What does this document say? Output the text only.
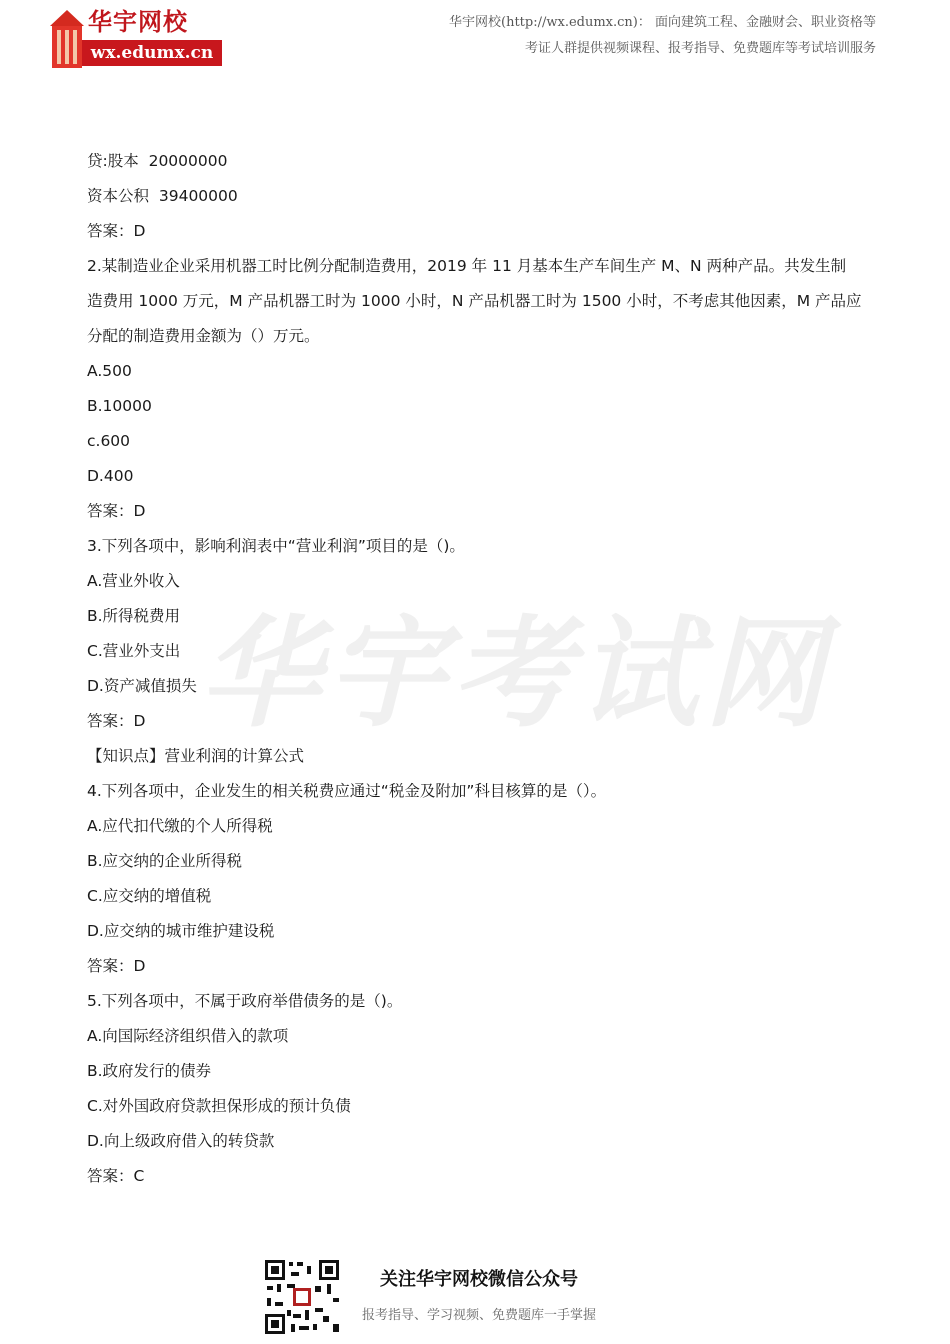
华宇网校
wx.edumx.cn
华宇网校(http://wx.edumx.cn)： 面向建筑工程、金融财会、职业资格等
考证人群提供视频课程、报考指导、免费题库等考试培训服务
华宇考试网

贷:股本  20000000

资本公积  39400000

答案：D

2.某制造业企业采用机器工时比例分配制造费用，2019 年 11 月基本生产车间生产 M、N 两种产品。共发生制

造费用 1000 万元，M 产品机器工时为 1000 小时，N 产品机器工时为 1500 小时，不考虑其他因素，M 产品应

分配的制造费用金额为（）万元。

A.500

B.10000

c.600

D.400

答案：D

3.下列各项中，影响利润表中“营业利润”项目的是（)。

A.营业外收入

B.所得税费用

C.营业外支出

D.资产减值损失

答案：D

【知识点】营业利润的计算公式

4.下列各项中，企业发生的相关税费应通过“税金及附加”科目核算的是（）。

A.应代扣代缴的个人所得税

B.应交纳的企业所得税

C.应交纳的增值税

D.应交纳的城市维护建设税

答案：D

5.下列各项中，不属于政府举借债务的是（)。

A.向国际经济组织借入的款项

B.政府发行的债券

C.对外国政府贷款担保形成的预计负债

D.向上级政府借入的转贷款

答案：C

关注华宇网校微信公众号
报考指导、学习视频、免费题库一手掌握
